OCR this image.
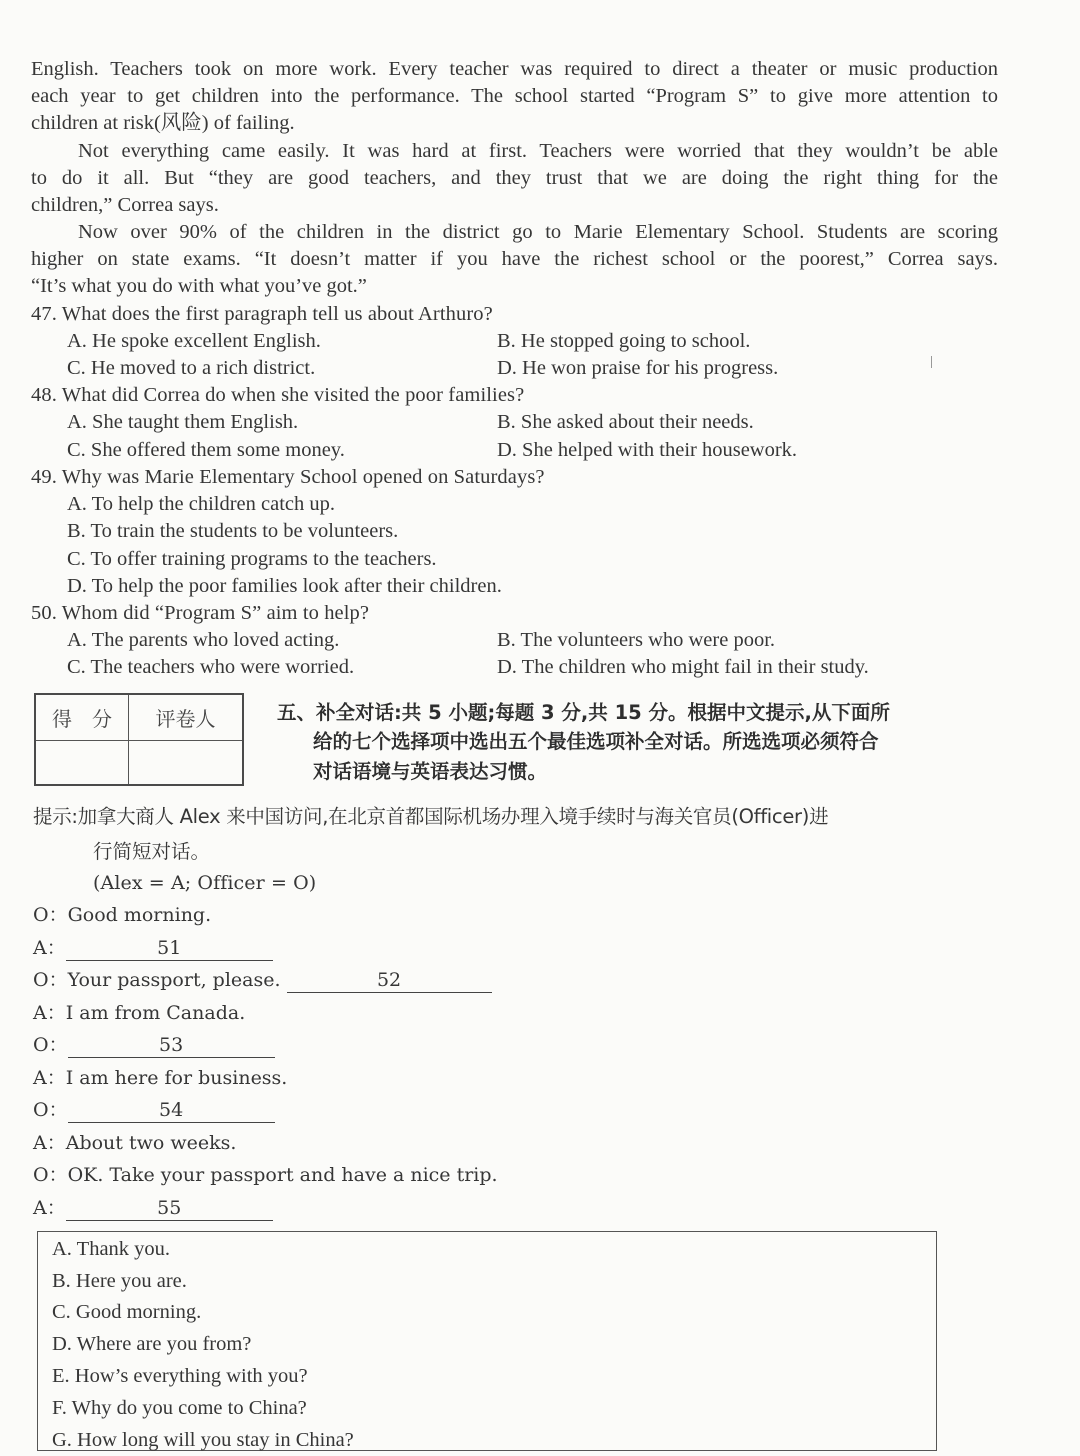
English. Teachers took on more work. Every teacher was required to direct a theater or music production
each year to get children into the performance. The school started “Program S” to give more attention to
children at risk(风险) of failing.
Not everything came easily. It was hard at first. Teachers were worried that they wouldn’t be able
to do it all. But “they are good teachers, and they trust that we are doing the right thing for the
children,” Correa says.
Now over 90% of the children in the district go to Marie Elementary School. Students are scoring
higher on state exams. “It doesn’t matter if you have the richest school or the poorest,” Correa says.
“It’s what you do with what you’ve got.”
47. What does the first paragraph tell us about Arthuro?
A. He spoke excellent English.	B. He stopped going to school.
C. He moved to a rich district.	D. He won praise for his progress.
48. What did Correa do when she visited the poor families?
A. She taught them English.	B. She asked about their needs.
C. She offered them some money.	D. She helped with their housework.
49. Why was Marie Elementary School opened on Saturdays?
A. To help the children catch up.
B. To train the students to be volunteers.
C. To offer training programs to the teachers.
D. To help the poor families look after their children.
50. Whom did “Program S” aim to help?
A. The parents who loved acting.	B. The volunteers who were poor.
C. The teachers who were worried.	D. The children who might fail in their study.
得　分	评卷人	五、补全对话:共 5 小题;每题 3 分,共 15 分。根据中文提示,从下面所
给的七个选择项中选出五个最佳选项补全对话。所选选项必须符合
对话语境与英语表达习惯。
提示:加拿大商人 Alex 来中国访问,在北京首都国际机场办理入境手续时与海关官员(Officer)进
行简短对话。
(Alex = A; Officer = O)
O：Good morning.
A：	51
O：Your passport, please.	52
A：I am from Canada.
O：	53
A：I am here for business.
O：	54
A：About two weeks.
O：OK. Take your passport and have a nice trip.
A：	55
A. Thank you.
B. Here you are.
C. Good morning.
D. Where are you from?
E. How’s everything with you?
F. Why do you come to China?
G. How long will you stay in China?
